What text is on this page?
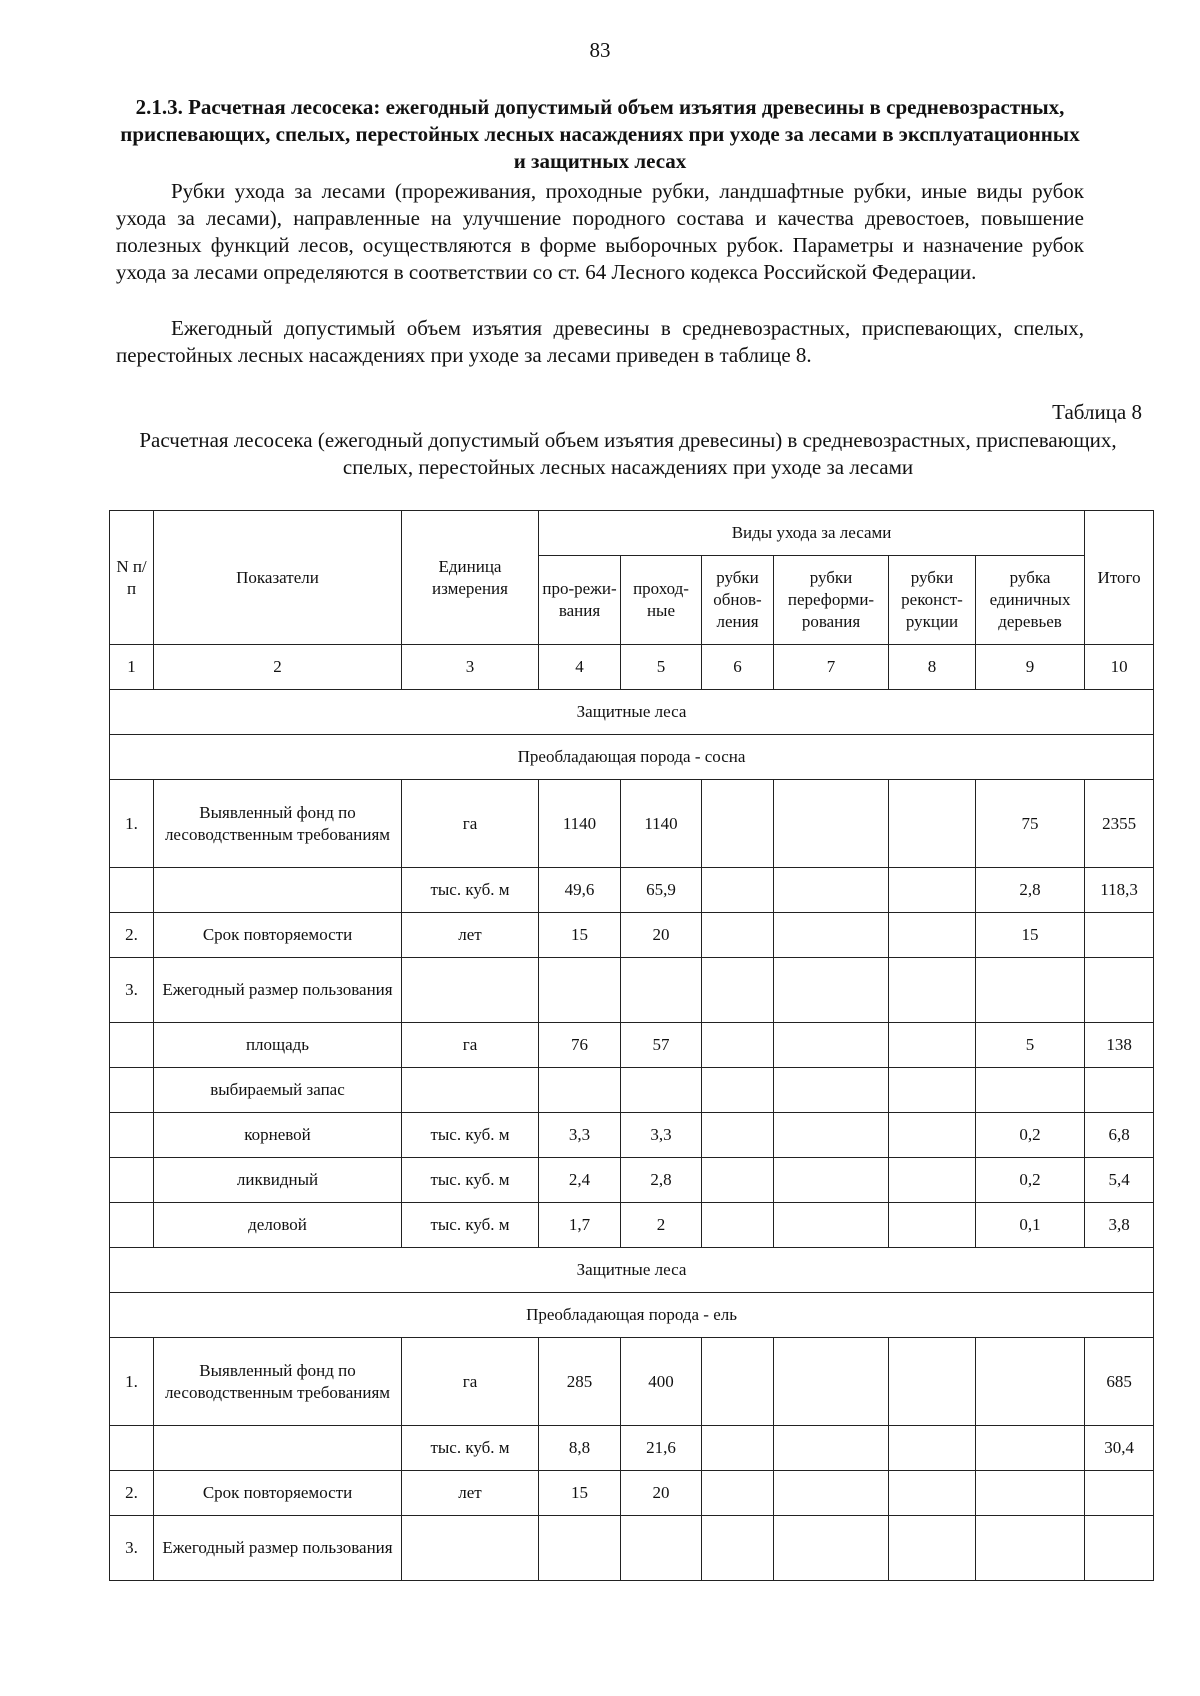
83
2.1.3. Расчетная лесосека: ежегодный допустимый объем изъятия древесины в средневозрастных, приспевающих, спелых, перестойных лесных насаждениях при уходе за лесами в эксплуатационных и защитных лесах
Рубки ухода за лесами (прореживания, проходные рубки, ландшафтные рубки, иные виды рубок ухода за лесами), направленные на улучшение породного состава и качества древостоев, повышение полезных функций лесов, осуществляются в форме выборочных рубок. Параметры и назначение рубок ухода за лесами определяются в соответствии со ст. 64 Лесного кодекса Российской Федерации.
Ежегодный допустимый объем изъятия древесины в средневозрастных, приспевающих, спелых, перестойных лесных насаждениях при уходе за лесами приведен в таблице 8.
Таблица 8
Расчетная лесосека (ежегодный допустимый объем изъятия древесины) в средневозрастных, приспевающих, спелых, перестойных лесных насаждениях при уходе за лесами
N п/п	Показатели	Единица измерения	Виды ухода за лесами						Итого
			про-режи-вания	проход-ные	рубки обнов-ления	рубки переформи-рования	рубки реконст-рукции	рубка единичных деревьев	
1	2	3	4	5	6	7	8	9	10
Защитные леса									
Преобладающая порода - сосна									
1.	Выявленный фонд по лесоводственным требованиям	га	1140	1140				75	2355
		тыс. куб. м	49,6	65,9				2,8	118,3
2.	Срок повторяемости	лет	15	20				15	
3.	Ежегодный размер пользования								
	площадь	га	76	57				5	138
	выбираемый запас								
	корневой	тыс. куб. м	3,3	3,3				0,2	6,8
	ликвидный	тыс. куб. м	2,4	2,8				0,2	5,4
	деловой	тыс. куб. м	1,7	2				0,1	3,8
Защитные леса									
Преобладающая порода - ель									
1.	Выявленный фонд по лесоводственным требованиям	га	285	400					685
		тыс. куб. м	8,8	21,6					30,4
2.	Срок повторяемости	лет	15	20					
3.	Ежегодный размер пользования								
